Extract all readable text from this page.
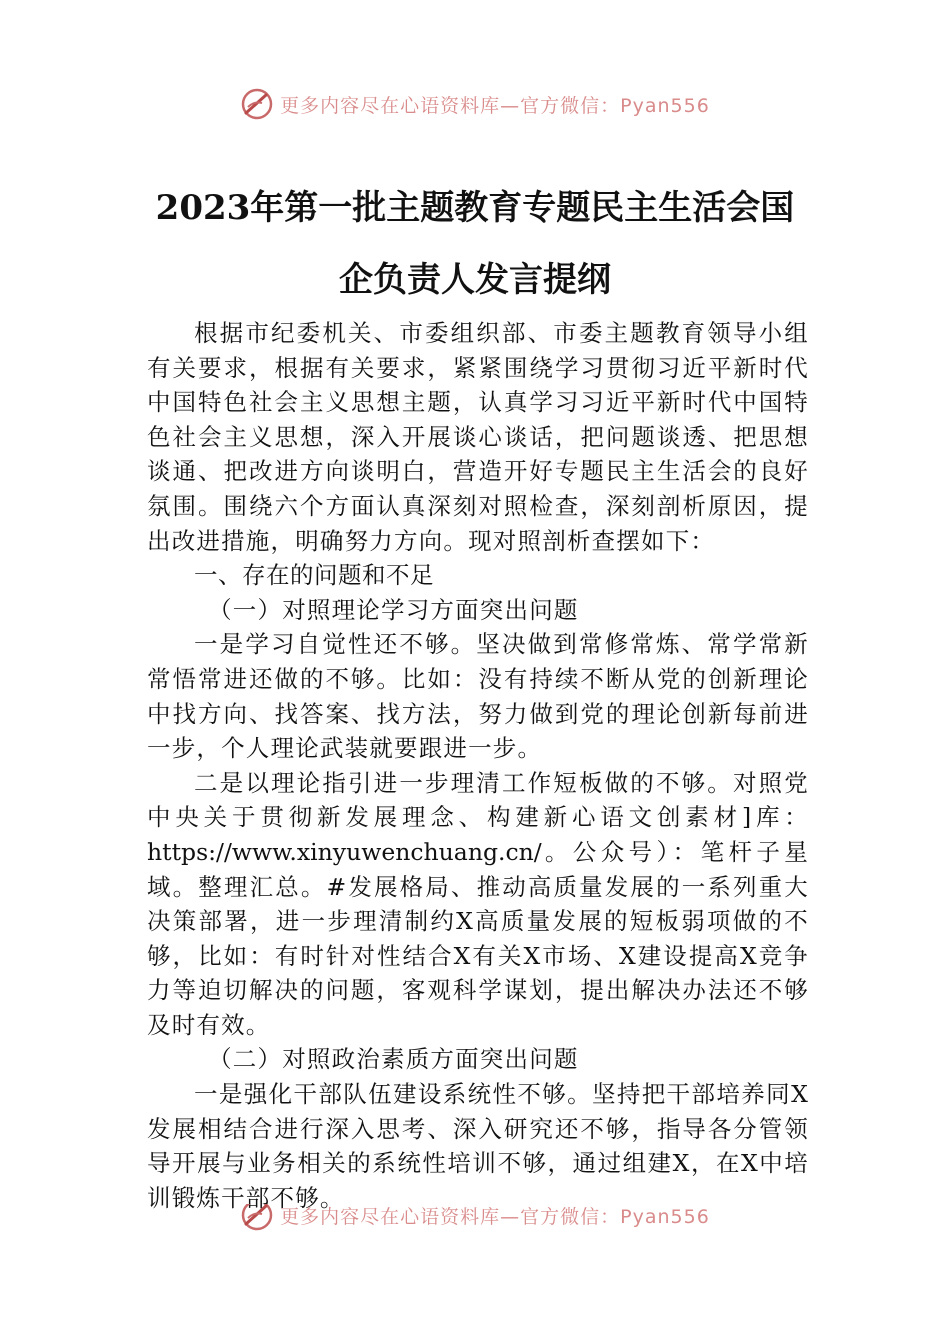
更多内容尽在心语资料库—官方微信：Pyan556
2023年第一批主题教育专题民主生活会国
企负责人发言提纲

根据市纪委机关、市委组织部、市委主题教育领导小组有关要求，根据有关要求，紧紧围绕学习贯彻习近平新时代中国特色社会主义思想主题，认真学习习近平新时代中国特色社会主义思想，深入开展谈心谈话，把问题谈透、把思想谈通、把改进方向谈明白，营造开好专题民主生活会的良好氛围。围绕六个方面认真深刻对照检查，深刻剖析原因，提出改进措施，明确努力方向。现对照剖析查摆如下：

一、存在的问题和不足

（一）对照理论学习方面突出问题

一是学习自觉性还不够。坚决做到常修常炼、常学常新常悟常进还做的不够。比如：没有持续不断从党的创新理论中找方向、找答案、找方法，努力做到党的理论创新每前进一步，个人理论武装就要跟进一步。

二是以理论指引进一步理清工作短板做的不够。对照党中央关于贯彻新发展理念、构建新心语文创素材]库：https://www.xinyuwenchuang.cn/。公众号）：笔杆子星域。整理汇总。#发展格局、推动高质量发展的一系列重大决策部署，进一步理清制约X高质量发展的短板弱项做的不够，比如：有时针对性结合X有关X市场、X建设提高X竞争力等迫切解决的问题，客观科学谋划，提出解决办法还不够及时有效。

（二）对照政治素质方面突出问题

一是强化干部队伍建设系统性不够。坚持把干部培养同X发展相结合进行深入思考、深入研究还不够，指导各分管领导开展与业务相关的系统性培训不够，通过组建X，在X中培训锻炼干部不够。

更多内容尽在心语资料库—官方微信：Pyan556
